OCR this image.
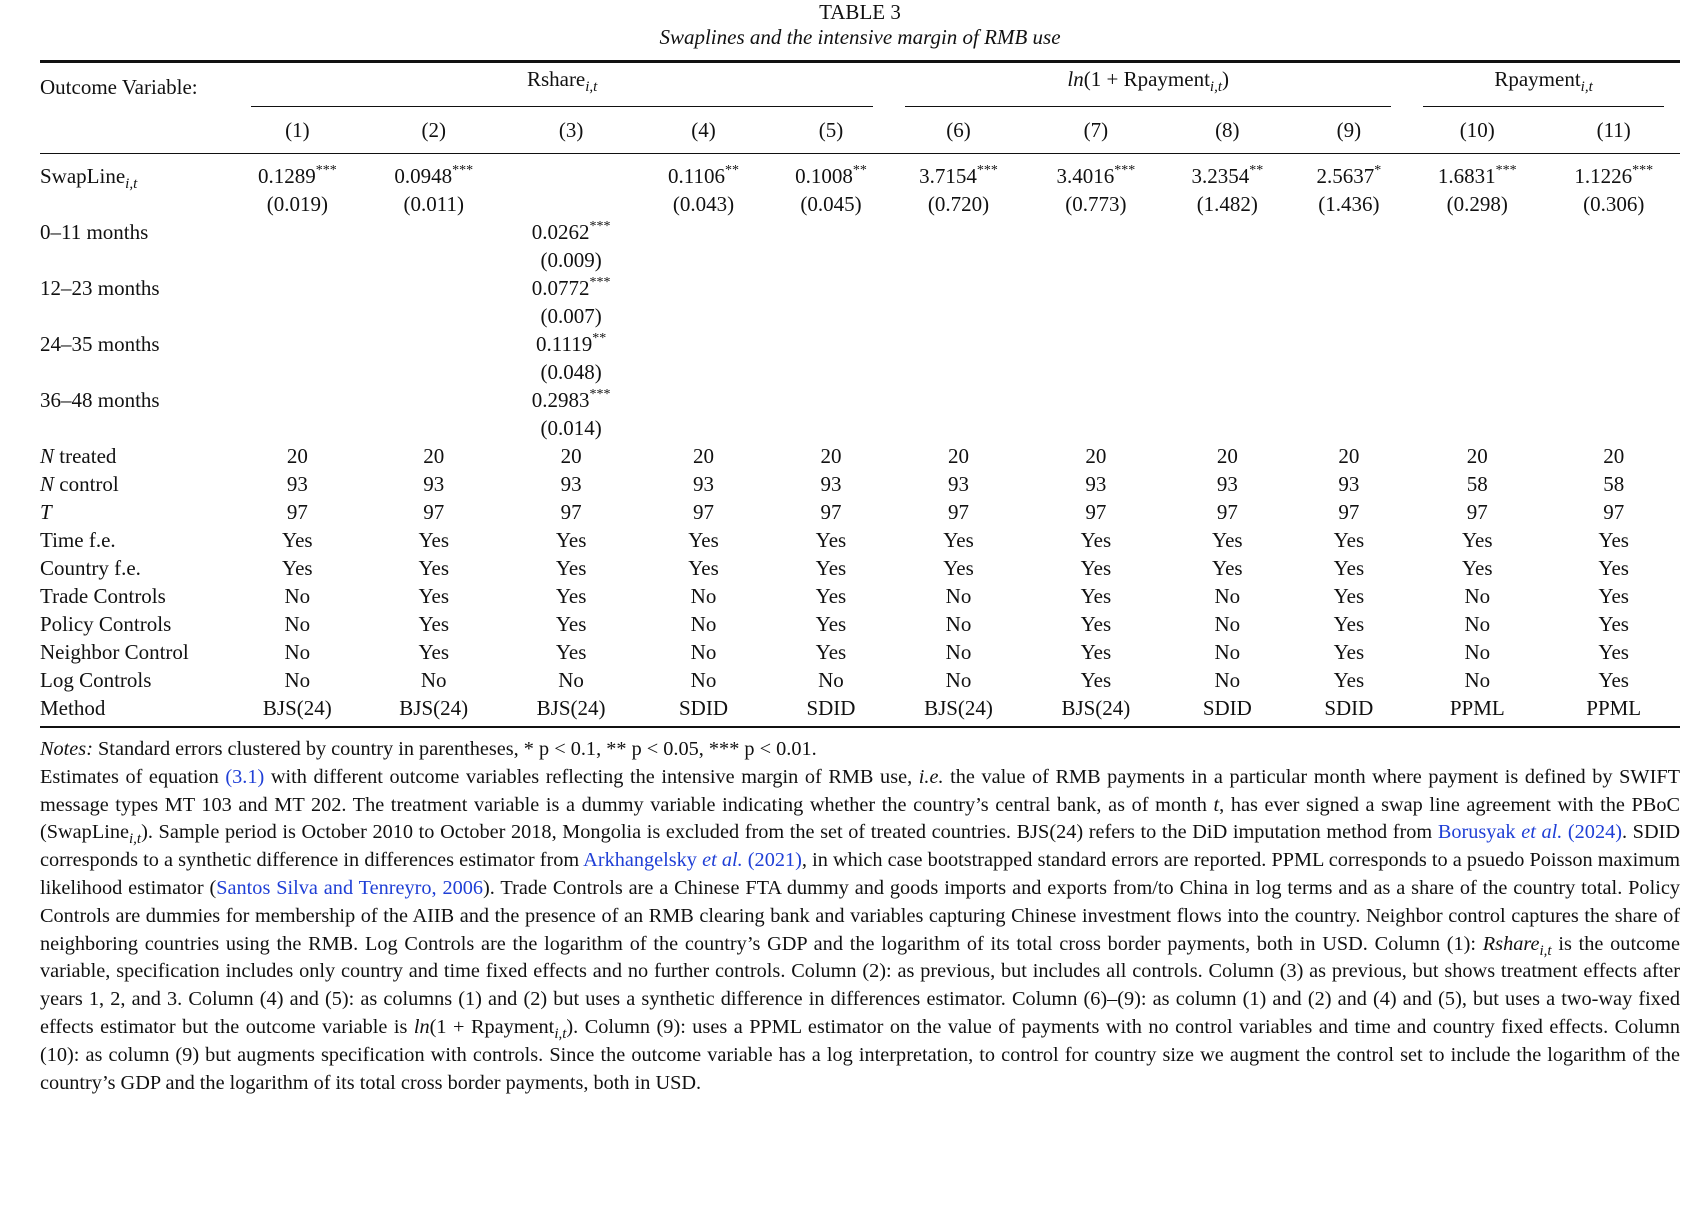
TABLE 3
Swaplines and the intensive margin of RMB use
Outcome Variable:	Rshare$_{i,t}$					ln(1 + Rpayment$_{i,t}$)				Rpayment$_{i,t}$

	(1)	(2)	(3)	(4)	(5)	(6)	(7)	(8)	(9)	(10)	(11)
SwapLine$_{i,t}$	0.1289***	0.0948***		0.1106**	0.1008**	3.7154***	3.4016***	3.2354**	2.5637*	1.6831***	1.1226***
	(0.019)	(0.011)		(0.043)	(0.045)	(0.720)	(0.773)	(1.482)	(1.436)	(0.298)	(0.306)
0–11 months			0.0262***								
			(0.009)								
12–23 months			0.0772***								
			(0.007)								
24–35 months			0.1119**								
			(0.048)								
36–48 months			0.2983***								
			(0.014)								
N treated	20	20	20	20	20	20	20	20	20	20	20
N control	93	93	93	93	93	93	93	93	93	58	58
T	97	97	97	97	97	97	97	97	97	97	97
Time f.e.	Yes	Yes	Yes	Yes	Yes	Yes	Yes	Yes	Yes	Yes	Yes
Country f.e.	Yes	Yes	Yes	Yes	Yes	Yes	Yes	Yes	Yes	Yes	Yes
Trade Controls	No	Yes	Yes	No	Yes	No	Yes	No	Yes	No	Yes
Policy Controls	No	Yes	Yes	No	Yes	No	Yes	No	Yes	No	Yes
Neighbor Control	No	Yes	Yes	No	Yes	No	Yes	No	Yes	No	Yes
Log Controls	No	No	No	No	No	No	Yes	No	Yes	No	Yes
Method	BJS(24)	BJS(24)	BJS(24)	SDID	SDID	BJS(24)	BJS(24)	SDID	SDID	PPML	PPML

Notes: Standard errors clustered by country in parentheses, * p < 0.1, ** p < 0.05, *** p < 0.01.

Estimates of equation (3.1) with different outcome variables reflecting the intensive margin of RMB use, i.e. the value of RMB payments in a particular month where payment is defined by SWIFT message types MT 103 and MT 202. The treatment variable is a dummy variable indicating whether the country’s central bank, as of month t, has ever signed a swap line agreement with the PBoC (SwapLine$_{i,t}$). Sample period is October 2010 to October 2018, Mongolia is excluded from the set of treated countries. BJS(24) refers to the DiD imputation method from Borusyak et al. (2024). SDID corresponds to a synthetic difference in differences estimator from Arkhangelsky et al. (2021), in which case bootstrapped standard errors are reported. PPML corresponds to a psuedo Poisson maximum likelihood estimator (Santos Silva and Tenreyro, 2006). Trade Controls are a Chinese FTA dummy and goods imports and exports from/to China in log terms and as a share of the country total. Policy Controls are dummies for membership of the AIIB and the presence of an RMB clearing bank and variables capturing Chinese investment flows into the country. Neighbor control captures the share of neighboring countries using the RMB. Log Controls are the logarithm of the country’s GDP and the logarithm of its total cross border payments, both in USD. Column (1): Rshare$_{i,t}$ is the outcome variable, specification includes only country and time fixed effects and no further controls. Column (2): as previous, but includes all controls. Column (3) as previous, but shows treatment effects after years 1, 2, and 3. Column (4) and (5): as columns (1) and (2) but uses a synthetic difference in differences estimator. Column (6)–(9): as column (1) and (2) and (4) and (5), but uses a two-way fixed effects estimator but the outcome variable is ln(1 + Rpayment$_{i,t}$). Column (9): uses a PPML estimator on the value of payments with no control variables and time and country fixed effects. Column (10): as column (9) but augments specification with controls. Since the outcome variable has a log interpretation, to control for country size we augment the control set to include the logarithm of the country’s GDP and the logarithm of its total cross border payments, both in USD.
